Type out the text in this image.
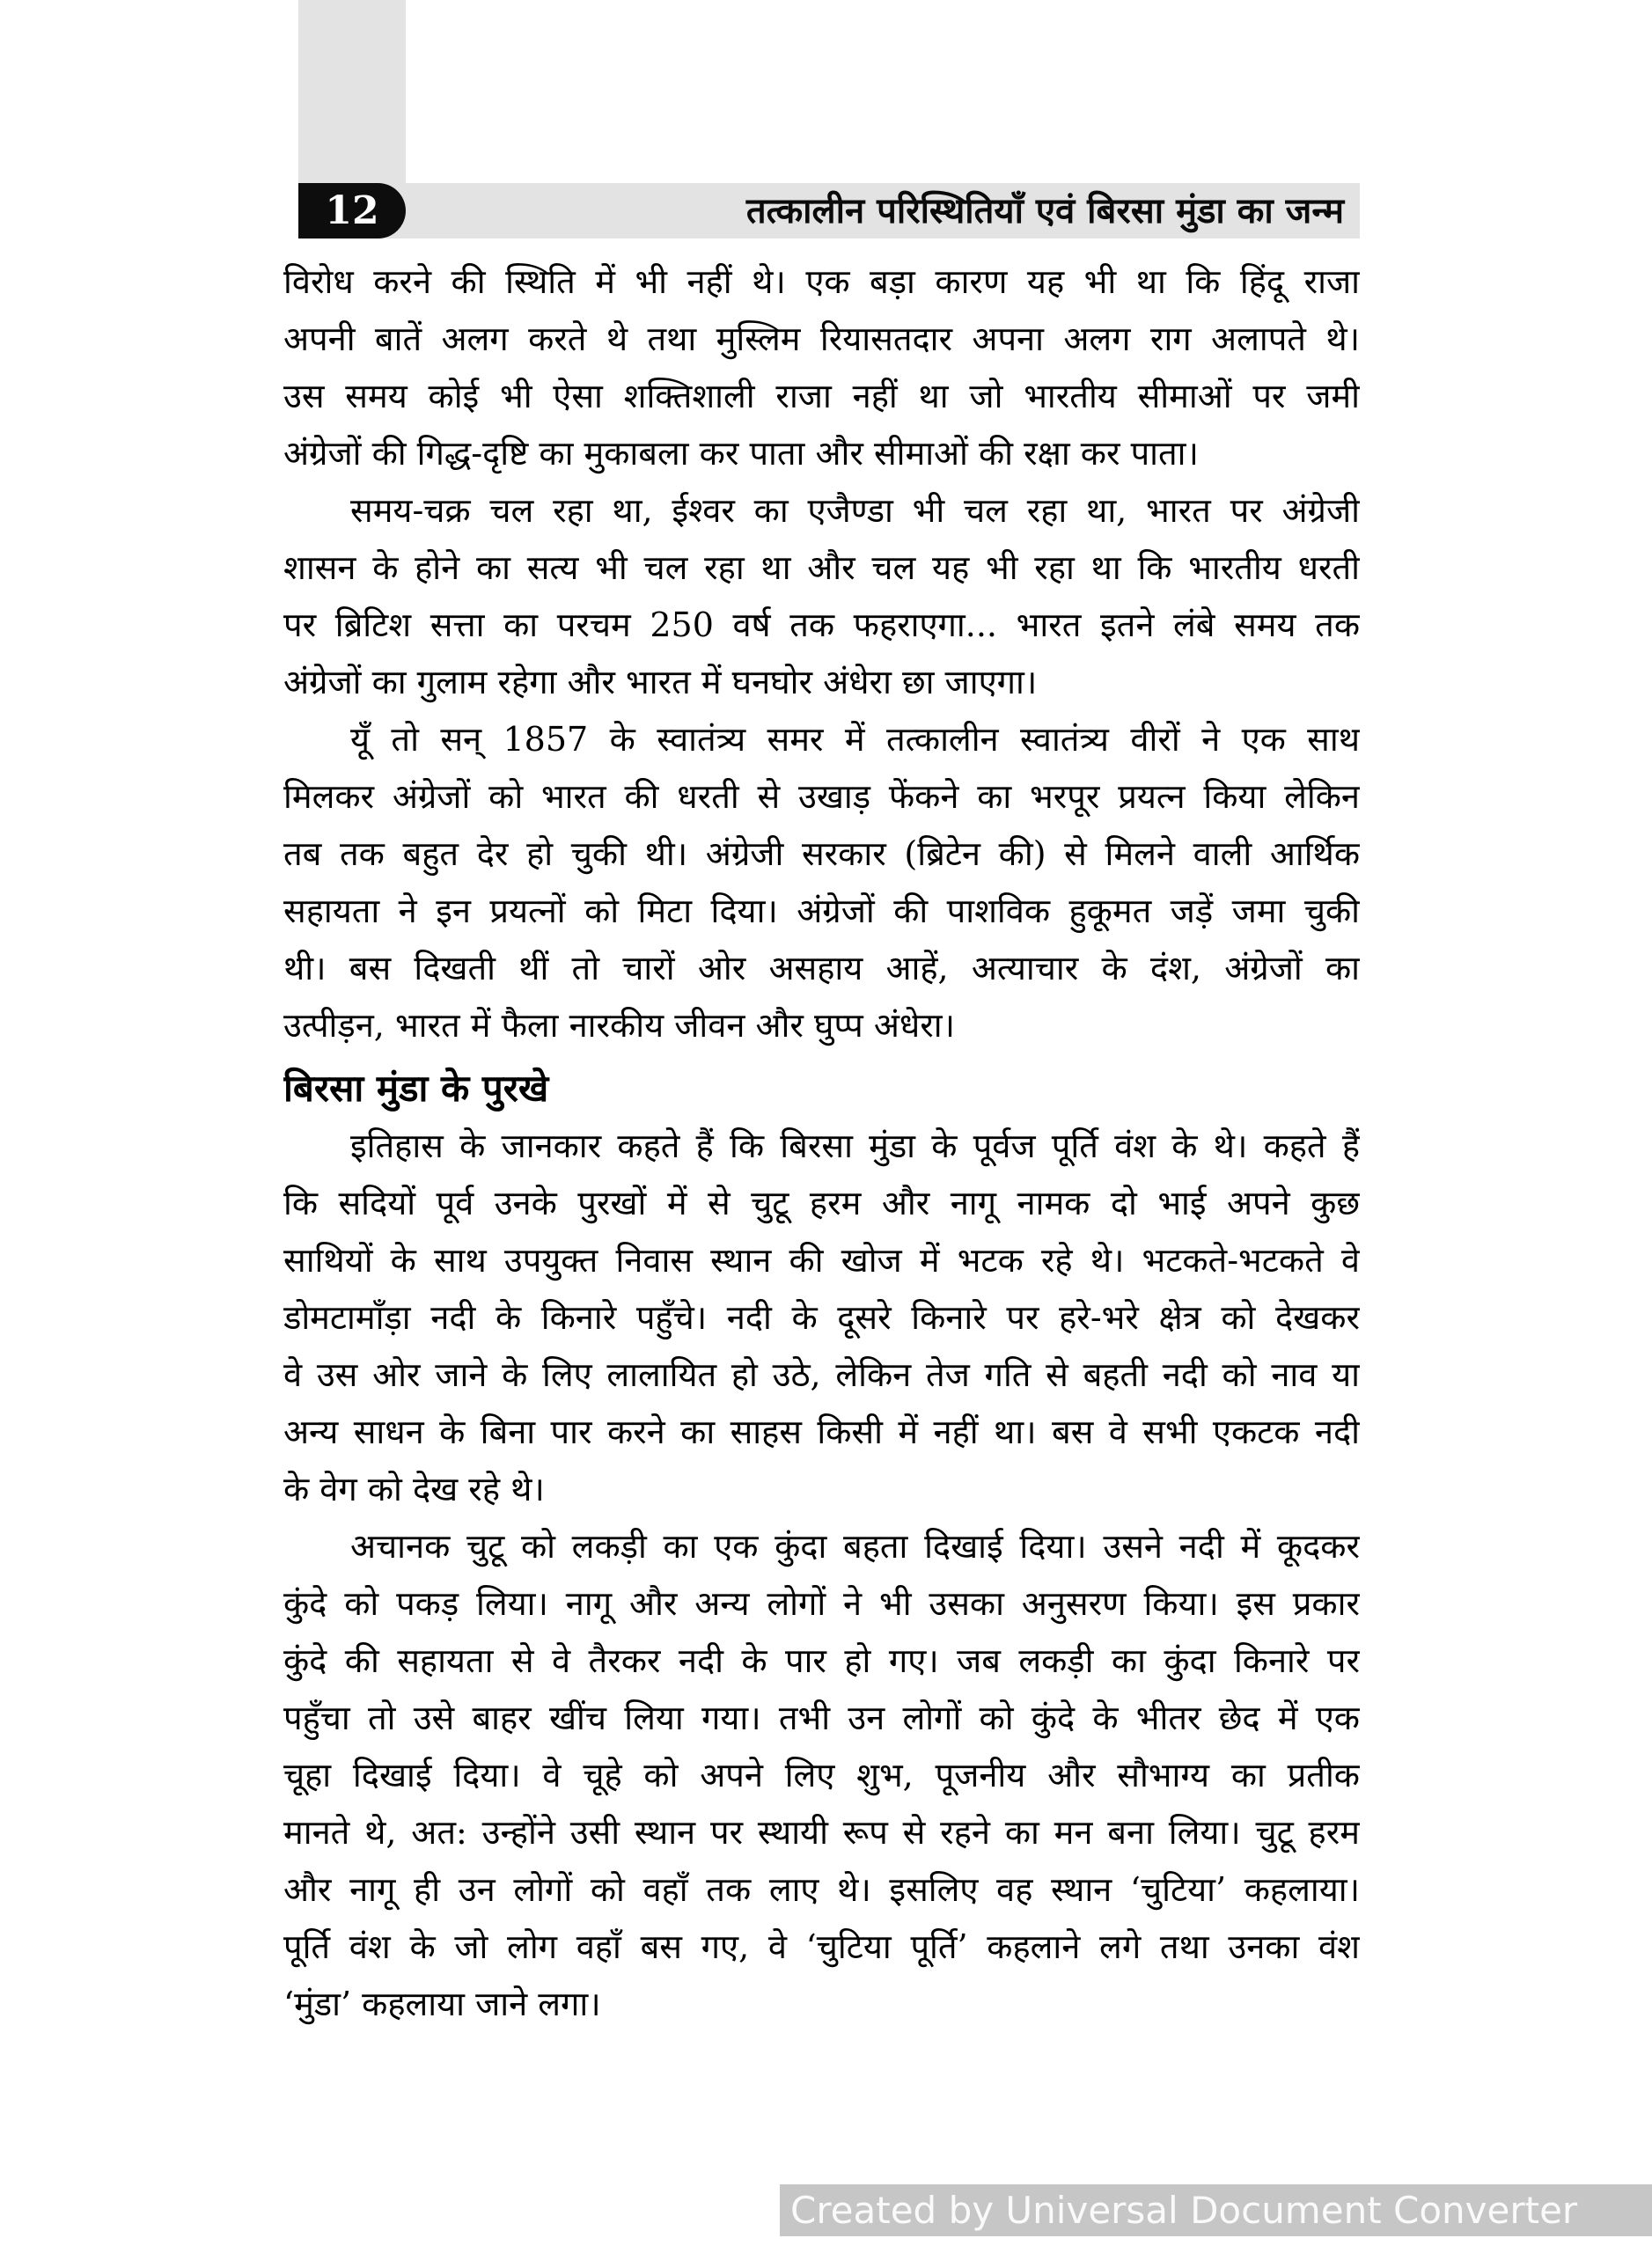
12	तत्कालीन परिस्थितियाँ एवं बिरसा मुंडा का जन्म
विरोध करने की स्थिति में भी नहीं थे। एक बड़ा कारण यह भी था कि हिंदू राजा
अपनी बातें अलग करते थे तथा मुस्लिम रियासतदार अपना अलग राग अलापते थे।
उस समय कोई भी ऐसा शक्तिशाली राजा नहीं था जो भारतीय सीमाओं पर जमी
अंग्रेजों की गिद्ध-दृष्टि का मुकाबला कर पाता और सीमाओं की रक्षा कर पाता।
समय-चक्र चल रहा था, ईश्वर का एजैण्डा भी चल रहा था, भारत पर अंग्रेजी
शासन के होने का सत्य भी चल रहा था और चल यह भी रहा था कि भारतीय धरती
पर ब्रिटिश सत्ता का परचम 250 वर्ष तक फहराएगा... भारत इतने लंबे समय तक
अंग्रेजों का गुलाम रहेगा और भारत में घनघोर अंधेरा छा जाएगा।
यूँ तो सन् 1857 के स्वातंत्र्य समर में तत्कालीन स्वातंत्र्य वीरों ने एक साथ
मिलकर अंग्रेजों को भारत की धरती से उखाड़ फेंकने का भरपूर प्रयत्न किया लेकिन
तब तक बहुत देर हो चुकी थी। अंग्रेजी सरकार (ब्रिटेन की) से मिलने वाली आर्थिक
सहायता ने इन प्रयत्नों को मिटा दिया। अंग्रेजों की पाशविक हुकूमत जड़ें जमा चुकी
थी। बस दिखती थीं तो चारों ओर असहाय आहें, अत्याचार के दंश, अंग्रेजों का
उत्पीड़न, भारत में फैला नारकीय जीवन और घुप्प अंधेरा।
बिरसा मुंडा के पुरखे
इतिहास के जानकार कहते हैं कि बिरसा मुंडा के पूर्वज पूर्ति वंश के थे। कहते हैं
कि सदियों पूर्व उनके पुरखों में से चुटू हरम और नागू नामक दो भाई अपने कुछ
साथियों के साथ उपयुक्त निवास स्थान की खोज में भटक रहे थे। भटकते-भटकते वे
डोमटामाँड़ा नदी के किनारे पहुँचे। नदी के दूसरे किनारे पर हरे-भरे क्षेत्र को देखकर
वे उस ओर जाने के लिए लालायित हो उठे, लेकिन तेज गति से बहती नदी को नाव या
अन्य साधन के बिना पार करने का साहस किसी में नहीं था। बस वे सभी एकटक नदी
के वेग को देख रहे थे।
अचानक चुटू को लकड़ी का एक कुंदा बहता दिखाई दिया। उसने नदी में कूदकर
कुंदे को पकड़ लिया। नागू और अन्य लोगों ने भी उसका अनुसरण किया। इस प्रकार
कुंदे की सहायता से वे तैरकर नदी के पार हो गए। जब लकड़ी का कुंदा किनारे पर
पहुँचा तो उसे बाहर खींच लिया गया। तभी उन लोगों को कुंदे के भीतर छेद में एक
चूहा दिखाई दिया। वे चूहे को अपने लिए शुभ, पूजनीय और सौभाग्य का प्रतीक
मानते थे, अत: उन्होंने उसी स्थान पर स्थायी रूप से रहने का मन बना लिया। चुटू हरम
और नागू ही उन लोगों को वहाँ तक लाए थे। इसलिए वह स्थान ‘चुटिया’ कहलाया।
पूर्ति वंश के जो लोग वहाँ बस गए, वे ‘चुटिया पूर्ति’ कहलाने लगे तथा उनका वंश
‘मुंडा’ कहलाया जाने लगा।
Created by Universal Document Converter
